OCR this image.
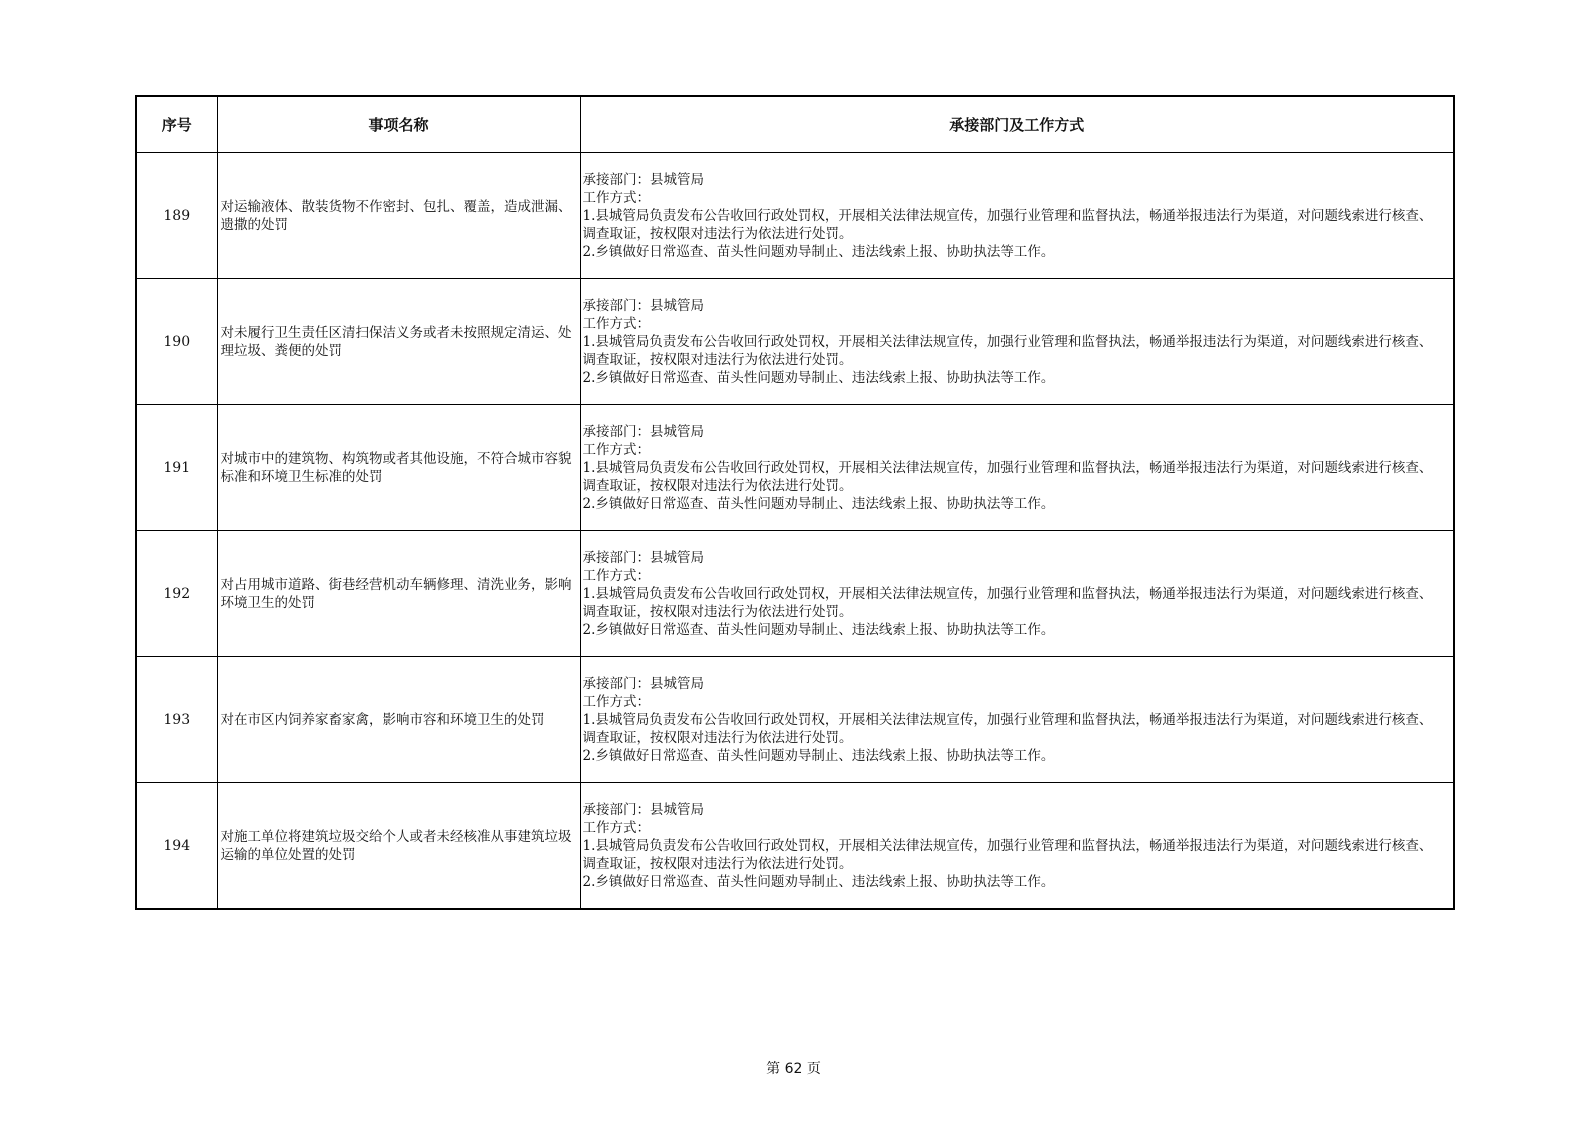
序号	事项名称	承接部门及工作方式
189	对运输液体、散装货物不作密封、包扎、覆盖，造成泄漏、遗撒的处罚	承接部门：县城管局
工作方式：
1.县城管局负责发布公告收回行政处罚权，开展相关法律法规宣传，加强行业管理和监督执法，畅通举报违法行为渠道，对问题线索进行核查、调查取证，按权限对违法行为依法进行处罚。
2.乡镇做好日常巡查、苗头性问题劝导制止、违法线索上报、协助执法等工作。

190	对未履行卫生责任区清扫保洁义务或者未按照规定清运、处理垃圾、粪便的处罚	承接部门：县城管局
工作方式：
1.县城管局负责发布公告收回行政处罚权，开展相关法律法规宣传，加强行业管理和监督执法，畅通举报违法行为渠道，对问题线索进行核查、调查取证，按权限对违法行为依法进行处罚。
2.乡镇做好日常巡查、苗头性问题劝导制止、违法线索上报、协助执法等工作。

191	对城市中的建筑物、构筑物或者其他设施，不符合城市容貌标准和环境卫生标准的处罚	承接部门：县城管局
工作方式：
1.县城管局负责发布公告收回行政处罚权，开展相关法律法规宣传，加强行业管理和监督执法，畅通举报违法行为渠道，对问题线索进行核查、调查取证，按权限对违法行为依法进行处罚。
2.乡镇做好日常巡查、苗头性问题劝导制止、违法线索上报、协助执法等工作。

192	对占用城市道路、街巷经营机动车辆修理、清洗业务，影响环境卫生的处罚	承接部门：县城管局
工作方式：
1.县城管局负责发布公告收回行政处罚权，开展相关法律法规宣传，加强行业管理和监督执法，畅通举报违法行为渠道，对问题线索进行核查、调查取证，按权限对违法行为依法进行处罚。
2.乡镇做好日常巡查、苗头性问题劝导制止、违法线索上报、协助执法等工作。

193	对在市区内饲养家畜家禽，影响市容和环境卫生的处罚	承接部门：县城管局
工作方式：
1.县城管局负责发布公告收回行政处罚权，开展相关法律法规宣传，加强行业管理和监督执法，畅通举报违法行为渠道，对问题线索进行核查、调查取证，按权限对违法行为依法进行处罚。
2.乡镇做好日常巡查、苗头性问题劝导制止、违法线索上报、协助执法等工作。

194	对施工单位将建筑垃圾交给个人或者未经核准从事建筑垃圾运输的单位处置的处罚	承接部门：县城管局
工作方式：
1.县城管局负责发布公告收回行政处罚权，开展相关法律法规宣传，加强行业管理和监督执法，畅通举报违法行为渠道，对问题线索进行核查、调查取证，按权限对违法行为依法进行处罚。
2.乡镇做好日常巡查、苗头性问题劝导制止、违法线索上报、协助执法等工作。
第 62 页
